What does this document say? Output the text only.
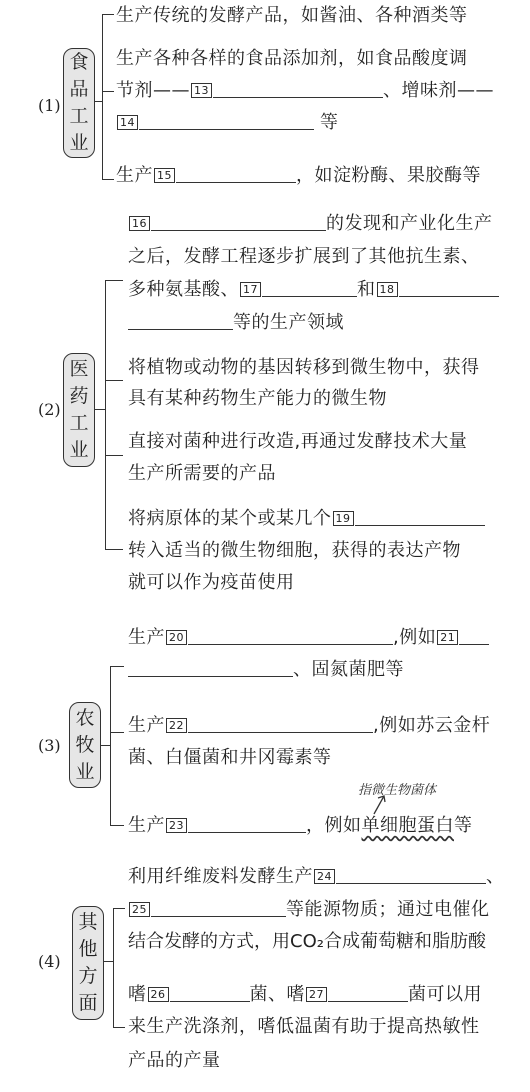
(1)
食
品
工
业
生产传统的发酵产品，如酱油、各种酒类等
生产各种各样的食品添加剂，如食品酸度调
节剂—— 13	、增味剂——
14	等
生产 15	，如淀粉酶、果胶酶等
(2)
医
药
工
业
16	的发现和产业化生产
之后，发酵工程逐步扩展到了其他抗生素、
多种氨基酸、 17	和 18
等的生产领域
将植物或动物的基因转移到微生物中，获得
具有某种药物生产能力的微生物
直接对菌种进行改造,再通过发酵技术大量
生产所需要的产品
将病原体的某个或某几个 19
转入适当的微生物细胞，获得的表达产物
就可以作为疫苗使用
(3)
农
牧
业
生产 20	,例如 21
、固氮菌肥等
生产 22	,例如苏云金杆
菌、白僵菌和井冈霉素等
指微生物菌体
生产 23	，例如单细胞蛋白等
(4)
其
他
方
面
利用纤维废料发酵生产 24	、
25	等能源物质；通过电催化
结合发酵的方式，用CO₂合成葡萄糖和脂肪酸
嗜 26	菌、嗜 27	菌可以用
来生产洗涤剂，嗜低温菌有助于提高热敏性
产品的产量
